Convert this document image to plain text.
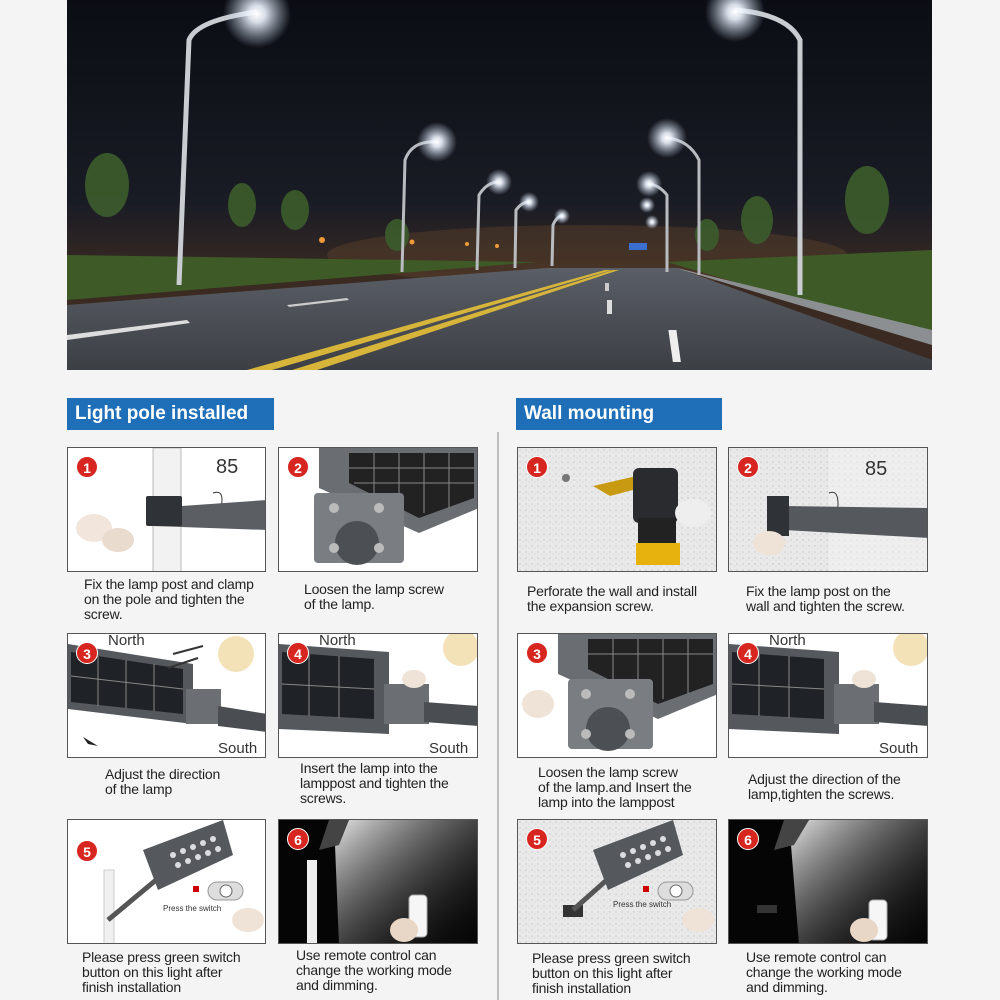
Light pole installed	Wall mounting
1	85
Fix the lamp post and clamp
on the pole and tighten the
screw.
2
Loosen the lamp screw
of the lamp.
3
North
South
Adjust the direction
of the lamp
4
North
South
Insert the lamp into the
lamppost and tighten the
screws.
5
Press the switch
Please press green switch
button on this light after
finish installation
6
Use remote control can
change the working mode
and dimming.
1
Perforate the wall and install
the expansion screw.
2	85
Fix the lamp post on the
wall and tighten the screw.
3
Loosen the lamp screw
of the lamp.and Insert the
lamp into the lamppost
4
North
South
Adjust the direction of the
lamp,tighten the screws.
5
Press the switch
Please press green switch
button on this light after
finish installation
6
Use remote control can
change the working mode
and dimming.
